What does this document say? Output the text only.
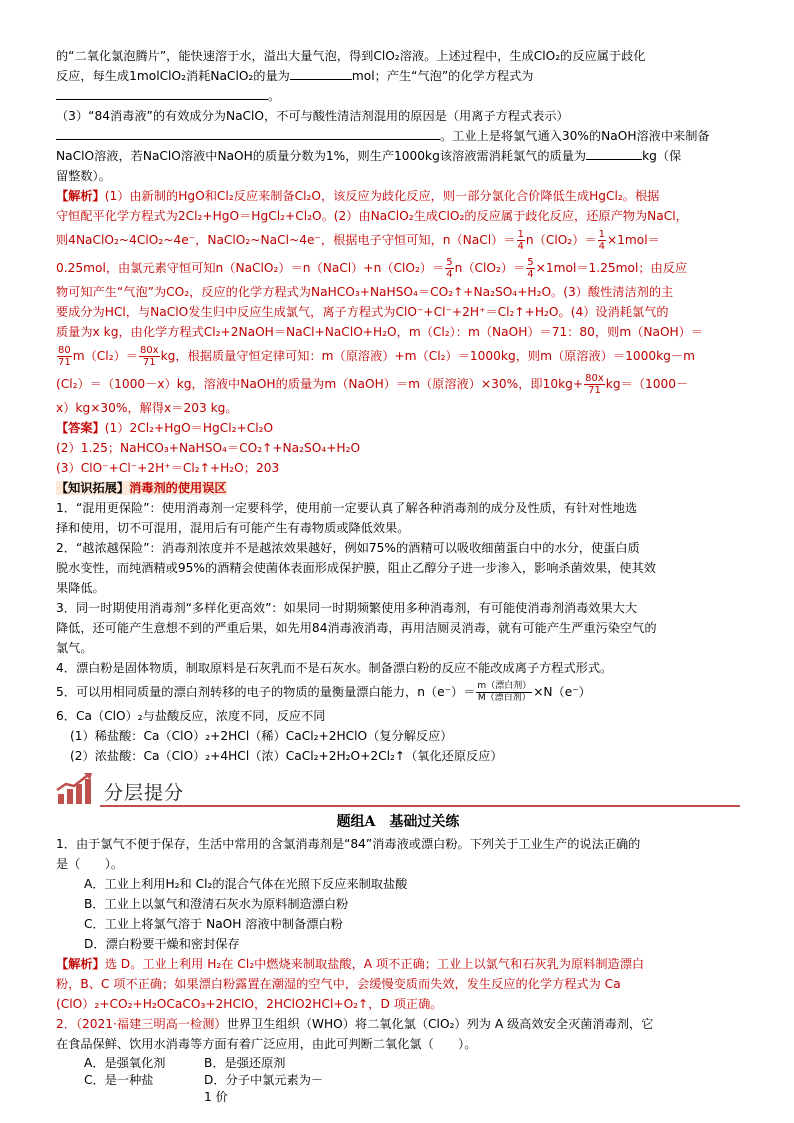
的“二氧化氯泡腾片”，能快速溶于水，溢出大量气泡，得到ClO₂溶液。上述过程中，生成ClO₂的反应属于歧化

反应，每生成1molClO₂消耗NaClO₂的量为	mol；产生“气泡”的化学方程式为

。

（3）“84消毒液”的有效成分为NaClO，不可与酸性清洁剂混用的原因是（用离子方程式表示）

。工业上是将氯气通入30%的NaOH溶液中来制备

NaClO溶液，若NaClO溶液中NaOH的质量分数为1%，则生产1000kg该溶液需消耗氯气的质量为	kg（保

留整数）。

【解析】(1）由新制的HgO和Cl₂反应来制备Cl₂O，该反应为歧化反应，则一部分氯化合价降低生成HgCl₂。根据

守恒配平化学方程式为2Cl₂+HgO＝HgCl₂+Cl₂O。(2）由NaClO₂生成ClO₂的反应属于歧化反应，还原产物为NaCl，

则4NaClO₂~4ClO₂~4e⁻，NaClO₂~NaCl~4e⁻，根据电子守恒可知，n（NaCl）＝ $\frac{1}{4} n(ClO_2)= \frac{1}{4} \times 1mol=$

0.25mol，由氯元素守恒可知n（NaClO₂）＝n（NaCl）+n（ClO₂）＝ $\frac{5}{4} n(ClO_2)= \frac{5}{4} \times 1mol=1.25mol$；由反应

物可知产生“气泡”为CO₂，反应的化学方程式为NaHCO₃+NaHSO₄＝CO₂↑+Na₂SO₄+H₂O。(3）酸性清洁剂的主

要成分为HCl，与NaClO发生归中反应生成氯气，离子方程式为ClO⁻+Cl⁻+2H⁺＝Cl₂↑+H₂O。(4）设消耗氯气的

质量为x kg，由化学方程式Cl₂+2NaOH＝NaCl+NaClO+H₂O，m（Cl₂）：m（NaOH）＝71：80，则m（NaOH）＝

$\frac{80}{71} m(Cl_2)= \frac{80x}{71}$ kg，根据质量守恒定律可知：m（原溶液）+m（Cl₂）＝1000kg，则m（原溶液）＝1000kg－m

(Cl₂）＝（1000－x）kg，溶液中NaOH的质量为m（NaOH）＝m（原溶液）×30%，即$10kg+ \frac{80x}{71} kg=(1000-$

x）kg×30%，解得x＝203 kg。

【答案】(1）2Cl₂+HgO＝HgCl₂+Cl₂O

(2）1.25；NaHCO₃+NaHSO₄＝CO₂↑+Na₂SO₄+H₂O

(3）ClO⁻+Cl⁻+2H⁺＝Cl₂↑+H₂O；203

【知识拓展】消毒剂的使用误区

1．“混用更保险”：使用消毒剂一定要科学，使用前一定要认真了解各种消毒剂的成分及性质，有针对性地选

择和使用，切不可混用，混用后有可能产生有毒物质或降低效果。

2．“越浓越保险”：消毒剂浓度并不是越浓效果越好，例如75%的酒精可以吸收细菌蛋白中的水分，使蛋白质

脱水变性，而纯酒精或95%的酒精会使菌体表面形成保护膜，阻止乙醇分子进一步渗入，影响杀菌效果，使其效

果降低。

3．同一时期使用消毒剂“多样化更高效”：如果同一时期频繁使用多种消毒剂，有可能使消毒剂消毒效果大大

降低，还可能产生意想不到的严重后果，如先用84消毒液消毒，再用洁厕灵消毒，就有可能产生严重污染空气的

氯气。

4．漂白粉是固体物质，制取原料是石灰乳而不是石灰水。制备漂白粉的反应不能改成离子方程式形式。

5．可以用相同质量的漂白剂转移的电子的物质的量衡量漂白能力，$n(e^-)= \frac{\text{m（漂白剂）}}{\text{M（漂白剂）}} \times N(e^-)$

6．Ca（ClO）₂与盐酸反应，浓度不同，反应不同

(1）稀盐酸：Ca（ClO）₂+2HCl（稀）CaCl₂+2HClO（复分解反应）

(2）浓盐酸：Ca（ClO）₂+4HCl（浓）CaCl₂+2H₂O+2Cl₂↑（氧化还原反应）

分层提分
题组A　基础过关练

1．由于氯气不便于保存，生活中常用的含氯消毒剂是“84”消毒液或漂白粉。下列关于工业生产的说法正确的

是（　　）。

A．工业上利用H₂和 Cl₂的混合气体在光照下反应来制取盐酸

B．工业上以氯气和澄清石灰水为原料制造漂白粉

C．工业上将氯气溶于 NaOH 溶液中制备漂白粉

D．漂白粉要干燥和密封保存

【解析】选 D。工业上利用 H₂在 Cl₂中燃烧来制取盐酸，A 项不正确；工业上以氯气和石灰乳为原料制造漂白

粉，B、C 项不正确；如果漂白粉露置在潮湿的空气中，会缓慢变质而失效，发生反应的化学方程式为 Ca

(ClO）₂+CO₂+H₂OCaCO₃+2HClO，2HClO2HCl+O₂↑，D 项正确。

2．（2021·福建三明高一检测）世界卫生组织（WHO）将二氧化氯（ClO₂）列为 A 级高效安全灭菌消毒剂，它

在食品保鲜、饮用水消毒等方面有着广泛应用，由此可判断二氧化氯（　　）。

A．是强氧化剂	B．是强还原剂
C．是一种盐	D．分子中氯元素为－1 价
